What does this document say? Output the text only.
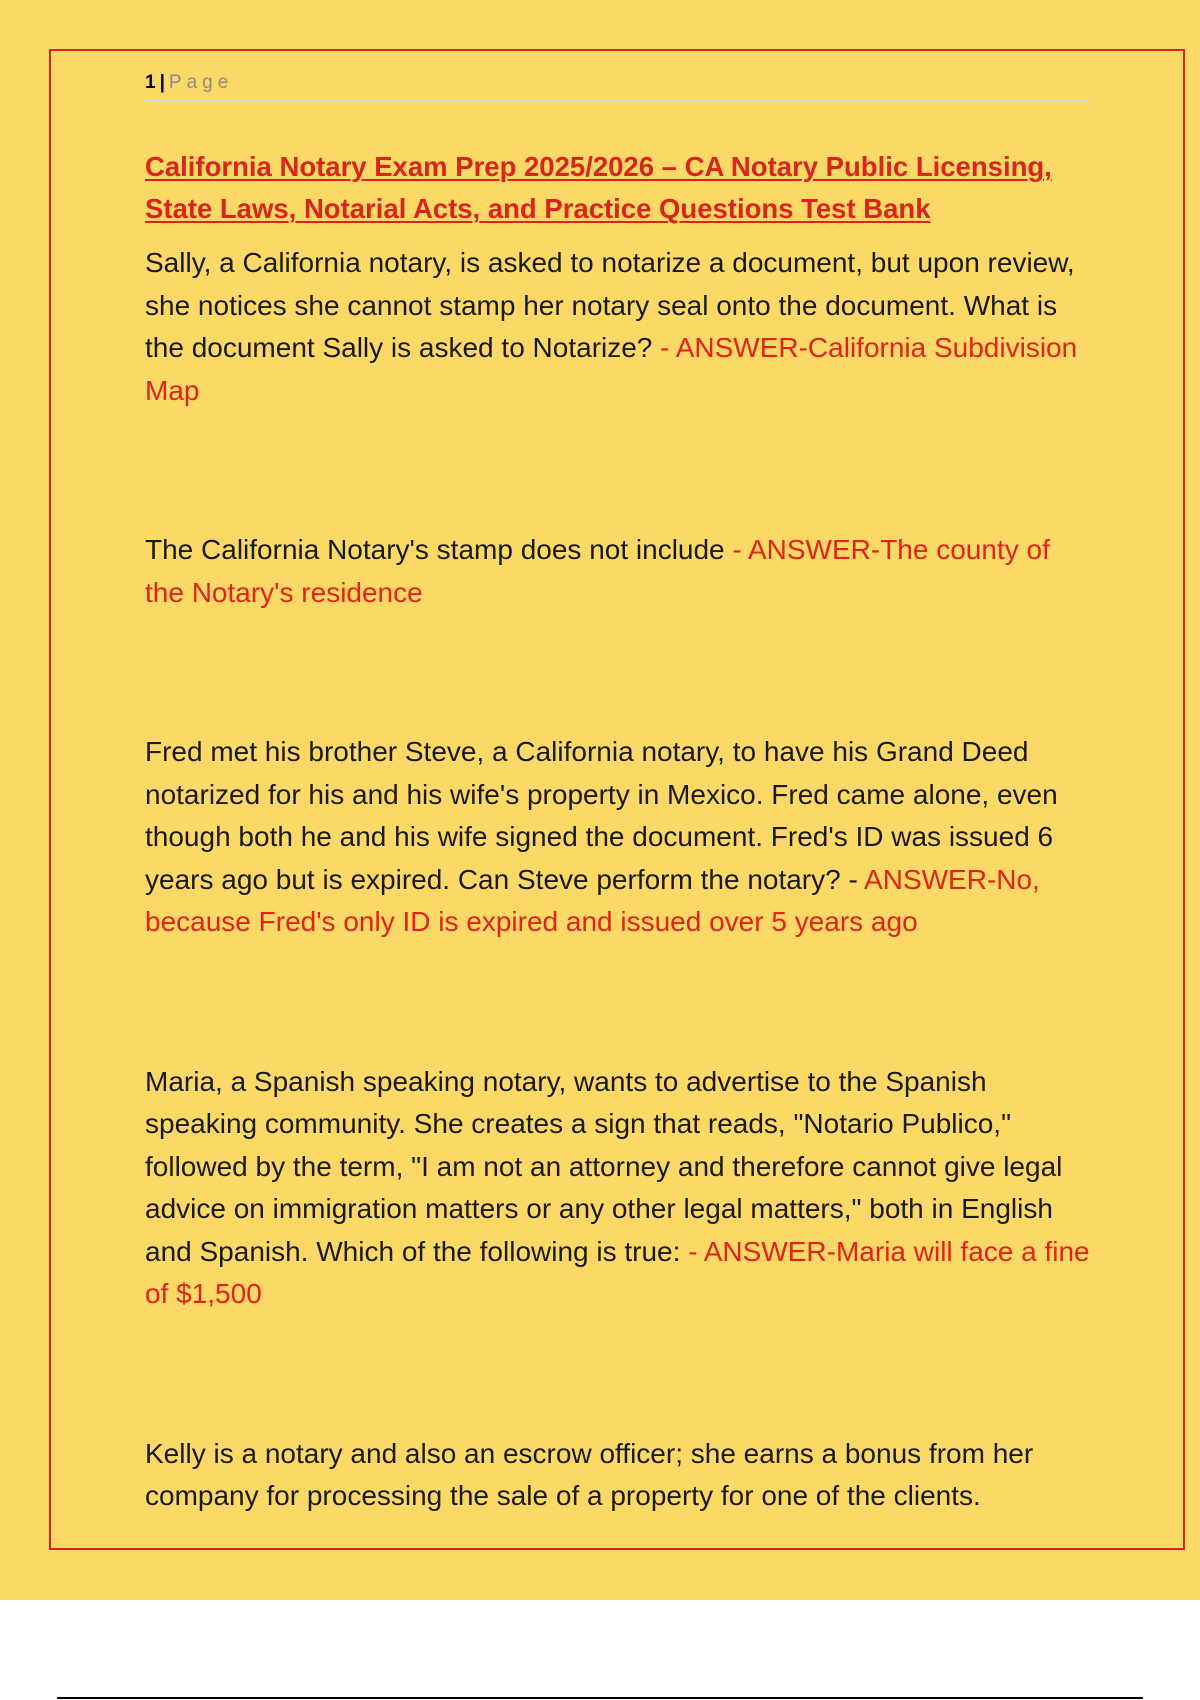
1 | Page
California Notary Exam Prep 2025/2026 – CA Notary Public Licensing, State Laws, Notarial Acts, and Practice Questions Test Bank
Sally, a California notary, is asked to notarize a document, but upon review, she notices she cannot stamp her notary seal onto the document. What is the document Sally is asked to Notarize? - ANSWER-California Subdivision Map
The California Notary's stamp does not include - ANSWER-The county of the Notary's residence
Fred met his brother Steve, a California notary, to have his Grand Deed notarized for his and his wife's property in Mexico. Fred came alone, even though both he and his wife signed the document. Fred's ID was issued 6 years ago but is expired. Can Steve perform the notary? - ANSWER-No, because Fred's only ID is expired and issued over 5 years ago
Maria, a Spanish speaking notary, wants to advertise to the Spanish speaking community. She creates a sign that reads, "Notario Publico," followed by the term, "I am not an attorney and therefore cannot give legal advice on immigration matters or any other legal matters," both in English and Spanish. Which of the following is true: - ANSWER-Maria will face a fine of $1,500
Kelly is a notary and also an escrow officer; she earns a bonus from her company for processing the sale of a property for one of the clients.
